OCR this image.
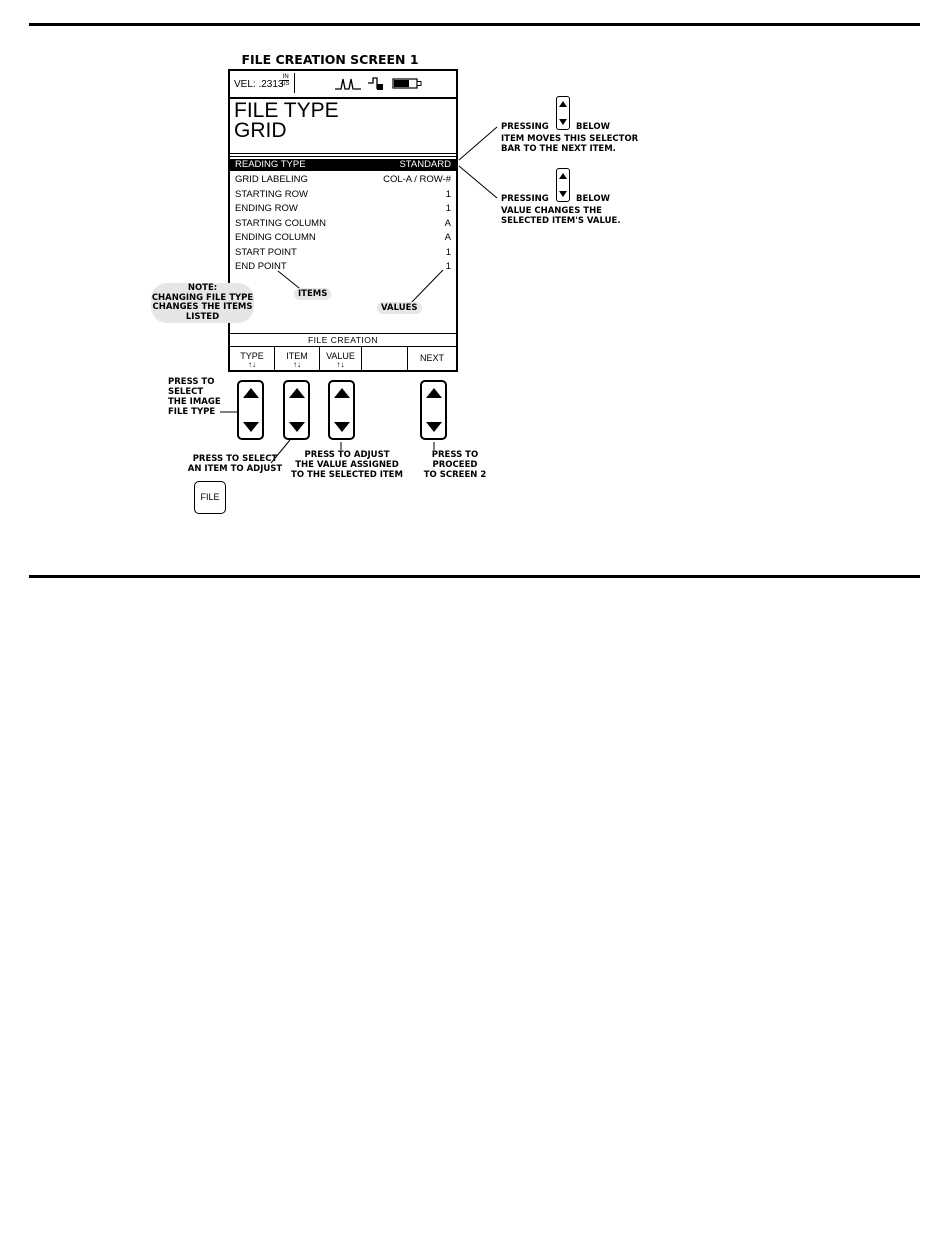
FILE CREATION SCREEN 1
VEL: .2313
IN
µS
FILE TYPE
GRID
READING TYPE	STANDARD
GRID LABELING	COL-A / ROW-#
STARTING ROW	1
ENDING ROW	1
STARTING COLUMN	A
ENDING COLUMN	A
START POINT	1
END POINT	1
FILE CREATION
TYPE
↑↓
ITEM
↑↓
VALUE
↑↓
NEXT
PRESSING	BELOW
ITEM MOVES THIS SELECTOR
BAR TO THE NEXT ITEM.
PRESSING	BELOW
VALUE CHANGES THE
SELECTED ITEM'S VALUE.
NOTE:
CHANGING FILE TYPE
CHANGES THE ITEMS
LISTED
ITEMS
VALUES
PRESS TO
SELECT
THE IMAGE
FILE TYPE
PRESS TO SELECT
AN ITEM TO ADJUST
PRESS TO ADJUST
THE VALUE ASSIGNED
TO THE SELECTED ITEM
PRESS TO
PROCEED
TO SCREEN 2
FILE
